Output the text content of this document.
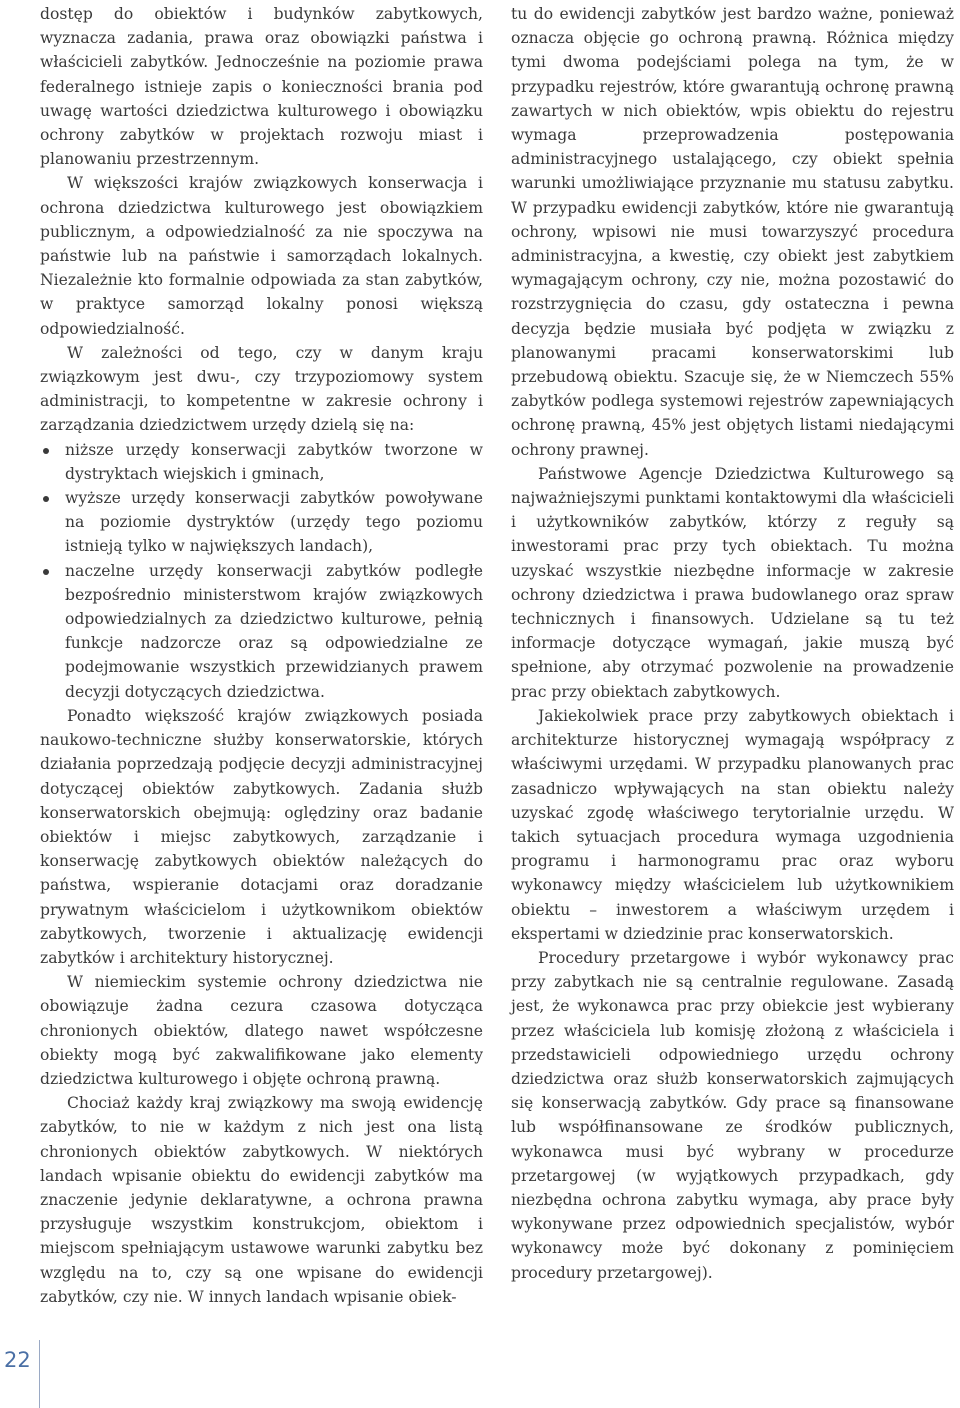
dostęp do obiektów i budynków zabytkowych, wyznacza zadania, prawa oraz obowiązki państwa i właścicieli zabytków. Jednocześnie na poziomie prawa federalnego istnieje zapis o konieczności brania pod uwagę wartości dziedzictwa kulturowego i obowiązku ochrony zabytków w projektach rozwoju miast i planowaniu przestrzennym.

W większości krajów związkowych konserwacja i ochrona dziedzictwa kulturowego jest obowiązkiem publicznym, a odpowiedzialność za nie spoczywa na państwie lub na państwie i samorządach lokalnych. Niezależnie kto formalnie odpowiada za stan zabytków, w praktyce samorząd lokalny ponosi większą odpowiedzialność.

W zależności od tego, czy w danym kraju związkowym jest dwu-, czy trzypoziomowy system administracji, to kompetentne w zakresie ochrony i zarządzania dziedzictwem urzędy dzielą się na:

niższe urzędy konserwacji zabytków tworzone w dystryktach wiejskich i gminach,
wyższe urzędy konserwacji zabytków powoływane na poziomie dystryktów (urzędy tego poziomu istnieją tylko w największych landach),
naczelne urzędy konserwacji zabytków podległe bezpośrednio ministerstwom krajów związkowych odpowiedzialnych za dziedzictwo kulturowe, pełnią funkcje nadzorcze oraz są odpowiedzialne ze podejmowanie wszystkich przewidzianych prawem decyzji dotyczących dziedzictwa.

Ponadto większość krajów związkowych posiada naukowo-techniczne służby konserwatorskie, których działania poprzedzają podjęcie decyzji administracyjnej dotyczącej obiektów zabytkowych. Zadania służb konserwatorskich obejmują: oględziny oraz badanie obiektów i miejsc zabytkowych, zarządzanie i konserwację zabytkowych obiektów należących do państwa, wspieranie dotacjami oraz doradzanie prywatnym właścicielom i użytkownikom obiektów zabytkowych, tworzenie i aktualizację ewidencji zabytków i architektury historycznej.

W niemieckim systemie ochrony dziedzictwa nie obowiązuje żadna cezura czasowa dotycząca chronionych obiektów, dlatego nawet współczesne obiekty mogą być zakwalifikowane jako elementy dziedzictwa kulturowego i objęte ochroną prawną.

Chociaż każdy kraj związkowy ma swoją ewidencję zabytków, to nie w każdym z nich jest ona listą chronionych obiektów zabytkowych. W niektórych landach wpisanie obiektu do ewidencji zabytków ma znaczenie jedynie deklaratywne, a ochrona prawna przysługuje wszystkim konstrukcjom, obiektom i miejscom spełniającym ustawowe warunki zabytku bez względu na to, czy są one wpisane do ewidencji zabytków, czy nie. W innych landach wpisanie obiek-

tu do ewidencji zabytków jest bardzo ważne, ponieważ oznacza objęcie go ochroną prawną. Różnica między tymi dwoma podejściami polega na tym, że w przypadku rejestrów, które gwarantują ochronę prawną zawartych w nich obiektów, wpis obiektu do rejestru wymaga przeprowadzenia postępowania administracyjnego ustalającego, czy obiekt spełnia warunki umożliwiające przyznanie mu statusu zabytku. W przypadku ewidencji zabytków, które nie gwarantują ochrony, wpisowi nie musi towarzyszyć procedura administracyjna, a kwestię, czy obiekt jest zabytkiem wymagającym ochrony, czy nie, można pozostawić do rozstrzygnięcia do czasu, gdy ostateczna i pewna decyzja będzie musiała być podjęta w związku z planowanymi pracami konserwatorskimi lub przebudową obiektu. Szacuje się, że w Niemczech 55% zabytków podlega systemowi rejestrów zapewniających ochronę prawną, 45% jest objętych listami niedającymi ochrony prawnej.

Państwowe Agencje Dziedzictwa Kulturowego są najważniejszymi punktami kontaktowymi dla właścicieli i użytkowników zabytków, którzy z reguły są inwestorami prac przy tych obiektach. Tu można uzyskać wszystkie niezbędne informacje w zakresie ochrony dziedzictwa i prawa budowlanego oraz spraw technicznych i finansowych. Udzielane są tu też informacje dotyczące wymagań, jakie muszą być spełnione, aby otrzymać pozwolenie na prowadzenie prac przy obiektach zabytkowych.

Jakiekolwiek prace przy zabytkowych obiektach i architekturze historycznej wymagają współpracy z właściwymi urzędami. W przypadku planowanych prac zasadniczo wpływających na stan obiektu należy uzyskać zgodę właściwego terytorialnie urzędu. W takich sytuacjach procedura wymaga uzgodnienia programu i harmonogramu prac oraz wyboru wykonawcy między właścicielem lub użytkownikiem obiektu – inwestorem a właściwym urzędem i ekspertami w dziedzinie prac konserwatorskich.

Procedury przetargowe i wybór wykonawcy prac przy zabytkach nie są centralnie regulowane. Zasadą jest, że wykonawca prac przy obiekcie jest wybierany przez właściciela lub komisję złożoną z właściciela i przedstawicieli odpowiedniego urzędu ochrony dziedzictwa oraz służb konserwatorskich zajmujących się konserwacją zabytków. Gdy prace są finansowane lub współfinansowane ze środków publicznych, wykonawca musi być wybrany w procedurze przetargowej (w wyjątkowych przypadkach, gdy niezbędna ochrona zabytku wymaga, aby prace były wykonywane przez odpowiednich specjalistów, wybór wykonawcy może być dokonany z pominięciem procedury przetargowej).

22
